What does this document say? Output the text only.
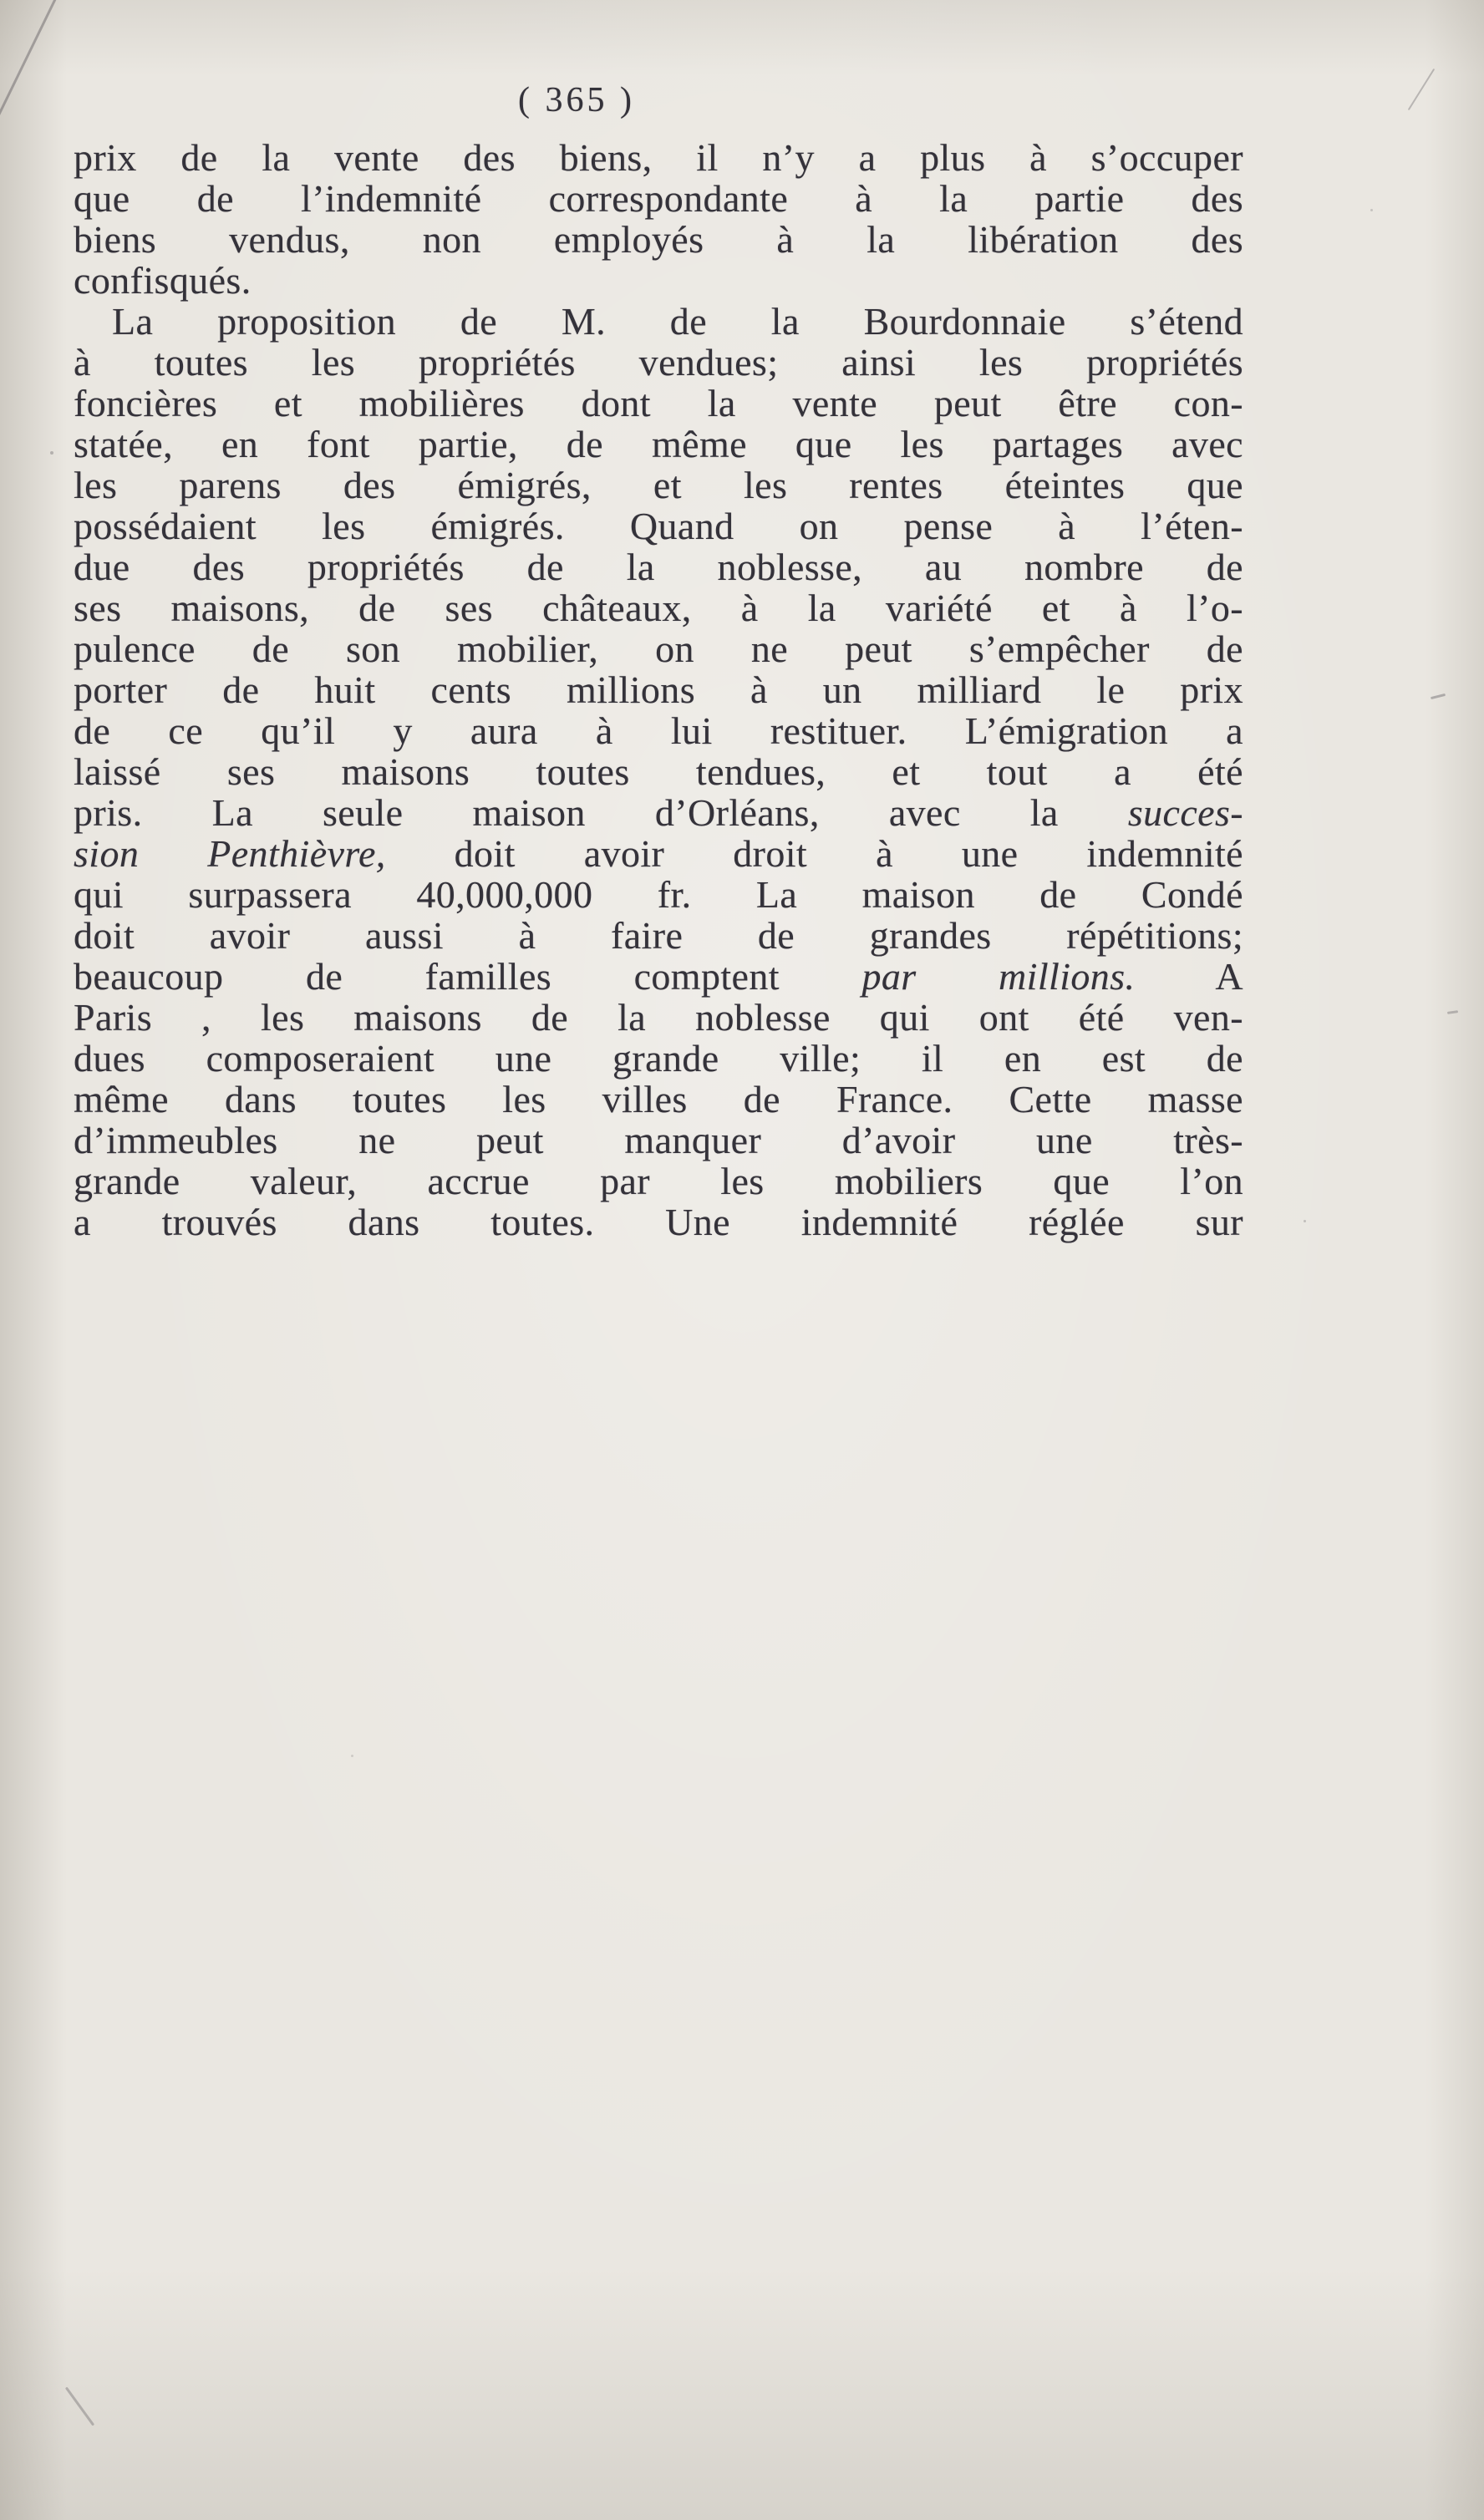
( 365 )
prix de la vente des biens, il n’y a plus à s’occuper
que de l’indemnité correspondante à la partie des
biens vendus, non employés à la libération des
confisqués.
La proposition de M. de la Bourdonnaie s’étend
à toutes les propriétés vendues; ainsi les propriétés
foncières et mobilières dont la vente peut être con-
statée, en font partie, de même que les partages avec
les parens des émigrés, et les rentes éteintes que
possédaient les émigrés. Quand on pense à l’éten-
due des propriétés de la noblesse, au nombre de
ses maisons, de ses châteaux, à la variété et à l’o-
pulence de son mobilier, on ne peut s’empêcher de
porter de huit cents millions à un milliard le prix
de ce qu’il y aura à lui restituer. L’émigration a
laissé ses maisons toutes tendues, et tout a été
pris. La seule maison d’Orléans, avec la succes-
sion Penthièvre, doit avoir droit à une indemnité
qui surpassera 40,000,000 fr. La maison de Condé
doit avoir aussi à faire de grandes répétitions;
beaucoup de familles comptent par millions. A
Paris , les maisons de la noblesse qui ont été ven-
dues composeraient une grande ville; il en est de
même dans toutes les villes de France. Cette masse
d’immeubles ne peut manquer d’avoir une très-
grande valeur, accrue par les mobiliers que l’on
a trouvés dans toutes. Une indemnité réglée sur
